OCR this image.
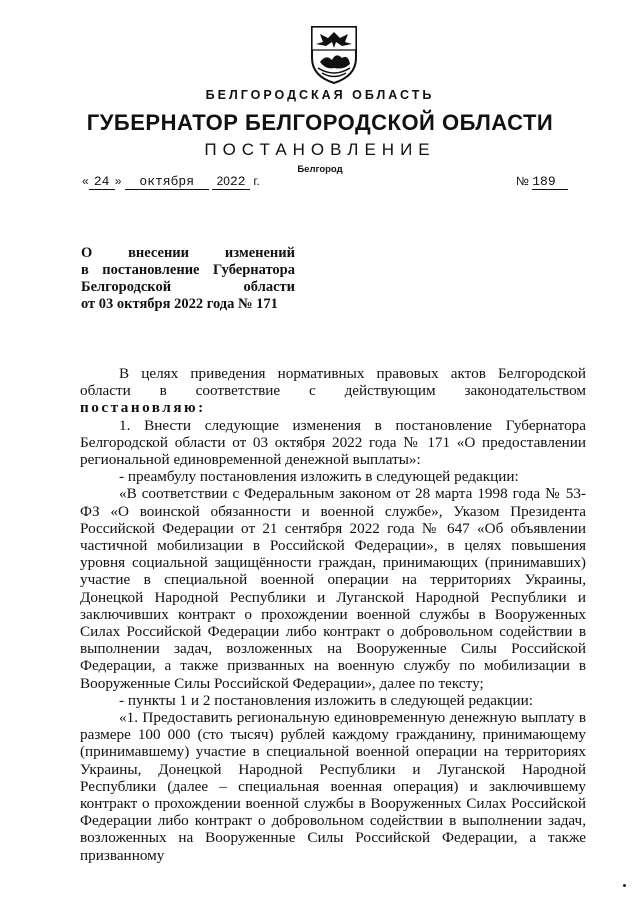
БЕЛГОРОДСКАЯ ОБЛАСТЬ
ГУБЕРНАТОР БЕЛГОРОДСКОЙ ОБЛАСТИ
ПОСТАНОВЛЕНИЕ
Белгород
« 24 » октября 2022 г.	№ 189

О внесении изменений

в постановление Губернатора

Белгородской области

от 03 октября 2022 года № 171

В целях приведения нормативных правовых актов Белгородской области в соответствие с действующим законодательством постановляю:

1. Внести следующие изменения в постановление Губернатора Белгородской области от 03 октября 2022 года № 171 «О предоставлении региональной единовременной денежной выплаты»:

- преамбулу постановления изложить в следующей редакции:

«В соответствии с Федеральным законом от 28 марта 1998 года № 53-ФЗ «О воинской обязанности и военной службе», Указом Президента Российской Федерации от 21 сентября 2022 года № 647 «Об объявлении частичной мобилизации в Российской Федерации», в целях повышения уровня социальной защищённости граждан, принимающих (принимавших) участие в специальной военной операции на территориях Украины, Донецкой Народной Республики и Луганской Народной Республики и заключивших контракт о прохождении военной службы в Вооруженных Силах Российской Федерации либо контракт о добровольном содействии в выполнении задач, возложенных на Вооруженные Силы Российской Федерации, а также призванных на военную службу по мобилизации в Вооруженные Силы Российской Федерации», далее по тексту;

- пункты 1 и 2 постановления изложить в следующей редакции:

«1. Предоставить региональную единовременную денежную выплату в размере 100 000 (сто тысяч) рублей каждому гражданину, принимающему (принимавшему) участие в специальной военной операции на территориях Украины, Донецкой Народной Республики и Луганской Народной Республики (далее – специальная военная операция) и заключившему контракт о прохождении военной службы в Вооруженных Силах Российской Федерации либо контракт о добровольном содействии в выполнении задач, возложенных на Вооруженные Силы Российской Федерации, а также призванному
